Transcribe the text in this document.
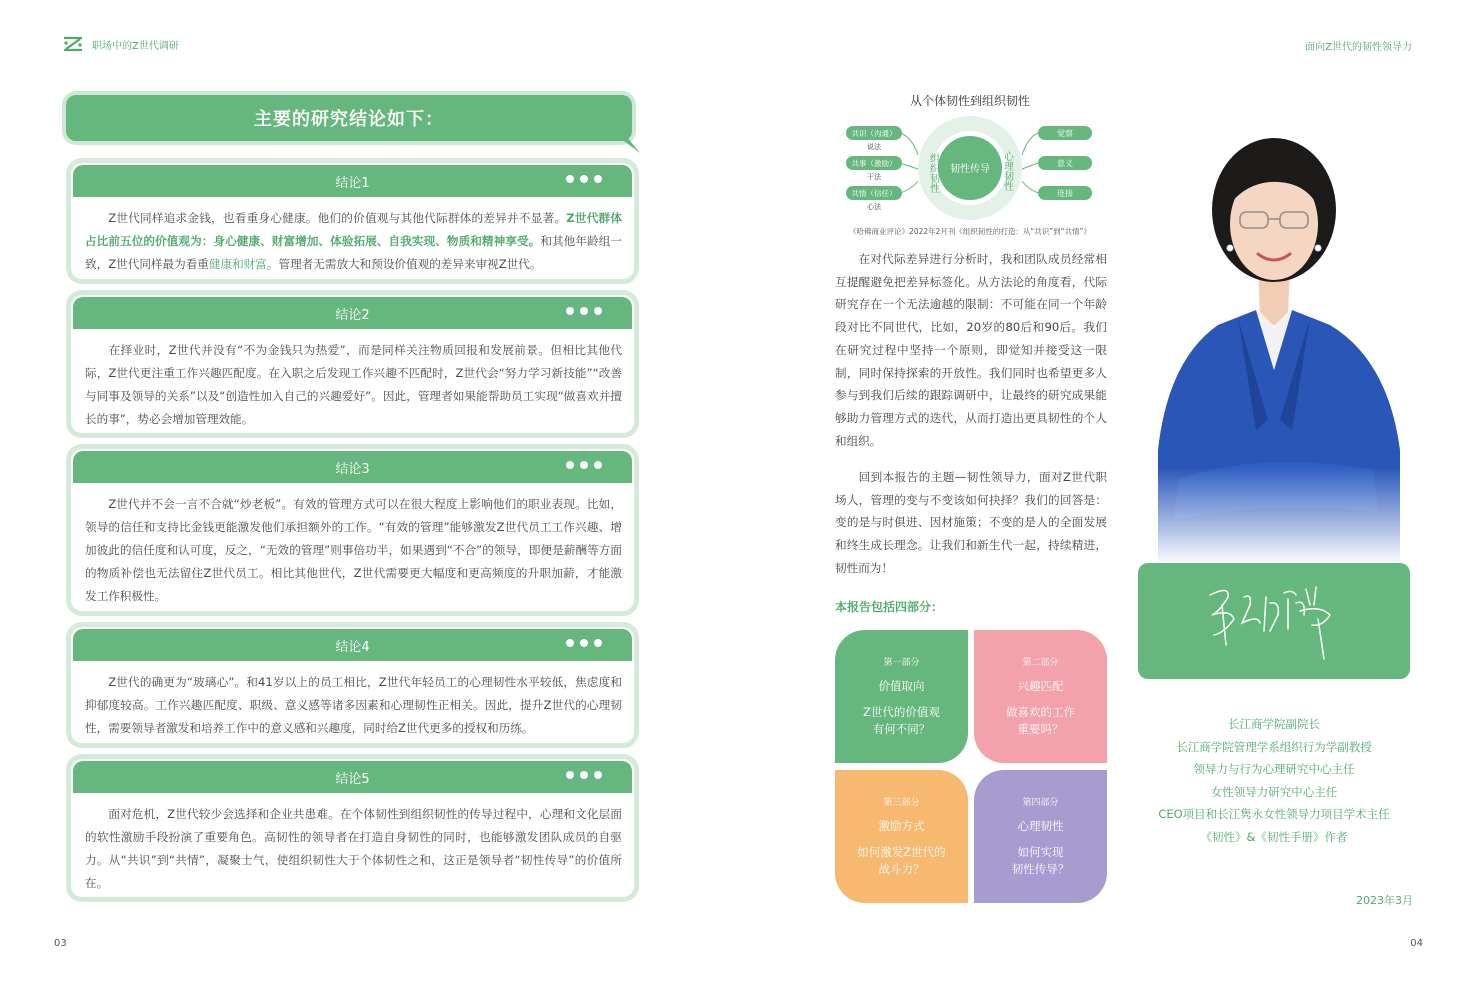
职场中的Z世代调研	面向Z世代的韧性领导力
主要的研究结论如下：
结论1
  Z世代同样追求金钱，也看重身心健康。他们的价值观与其他代际群体的差异并不显著。Z世代群体占比前五位的价值观为：身心健康、财富增加、体验拓展、自我实现、物质和精神享受。和其他年龄组一致，Z世代同样最为看重健康和财富。管理者无需放大和预设价值观的差异来审视Z世代。
结论2
  在择业时，Z世代并没有“不为金钱只为热爱”，而是同样关注物质回报和发展前景。但相比其他代际，Z世代更注重工作兴趣匹配度。在入职之后发现工作兴趣不匹配时，Z世代会“努力学习新技能”“改善与同事及领导的关系”以及“创造性加入自己的兴趣爱好”。因此，管理者如果能帮助员工实现“做喜欢并擅长的事”，势必会增加管理效能。
结论3
  Z世代并不会一言不合就“炒老板”。有效的管理方式可以在很大程度上影响他们的职业表现。比如，领导的信任和支持比金钱更能激发他们承担额外的工作。“有效的管理”能够激发Z世代员工工作兴趣、增加彼此的信任度和认可度，反之，“无效的管理”则事倍功半，如果遇到“不合”的领导，即便是薪酬等方面的物质补偿也无法留住Z世代员工。相比其他世代，Z世代需要更大幅度和更高频度的升职加薪，才能激发工作积极性。
结论4
  Z世代的确更为“玻璃心”。和41岁以上的员工相比，Z世代年轻员工的心理韧性水平较低，焦虑度和抑郁度较高。工作兴趣匹配度、职级、意义感等诸多因素和心理韧性正相关。因此，提升Z世代的心理韧性，需要领导者激发和培养工作中的意义感和兴趣度，同时给Z世代更多的授权和历练。
结论5
  面对危机，Z世代较少会选择和企业共患难。在个体韧性到组织韧性的传导过程中，心理和文化层面的软性激励手段扮演了重要角色。高韧性的领导者在打造自身韧性的同时，也能够激发团队成员的自驱力。从“共识”到“共情”，凝聚士气，使组织韧性大于个体韧性之和，这正是领导者“韧性传导”的价值所在。
03
从个体韧性到组织韧性
韧性传导
组织韧性	心理韧性
共识（沟通）
说法
共事（激励）
干法
共情（信任）
心法
觉察
意义
连接
《哈佛商业评论》2022年2月刊《组织韧性的打造：从“共识”到“共情”》
  在对代际差异进行分析时，我和团队成员经常相互提醒避免把差异标签化。从方法论的角度看，代际研究存在一个无法逾越的限制：不可能在同一个年龄段对比不同世代，比如，20岁的80后和90后。我们在研究过程中坚持一个原则，即觉知并接受这一限制，同时保持探索的开放性。我们同时也希望更多人参与到我们后续的跟踪调研中，让最终的研究成果能够助力管理方式的迭代，从而打造出更具韧性的个人和组织。
  回到本报告的主题—韧性领导力，面对Z世代职场人，管理的变与不变该如何抉择？我们的回答是：变的是与时俱进、因材施策；不变的是人的全面发展和终生成长理念。让我们和新生代一起，持续精进，韧性而为！
本报告包括四部分：
第一部分
价值取向
Z世代的价值观
有何不同？
第二部分
兴趣匹配
做喜欢的工作
重要吗？
第三部分
激励方式
如何激发Z世代的
战斗力？
第四部分
心理韧性
如何实现
韧性传导？
长江商学院副院长
长江商学院管理学系组织行为学副教授
领导力与行为心理研究中心主任
女性领导力研究中心主任
CEO项目和长江隽永女性领导力项目学术主任
《韧性》&《韧性手册》作者
2023年3月
04
